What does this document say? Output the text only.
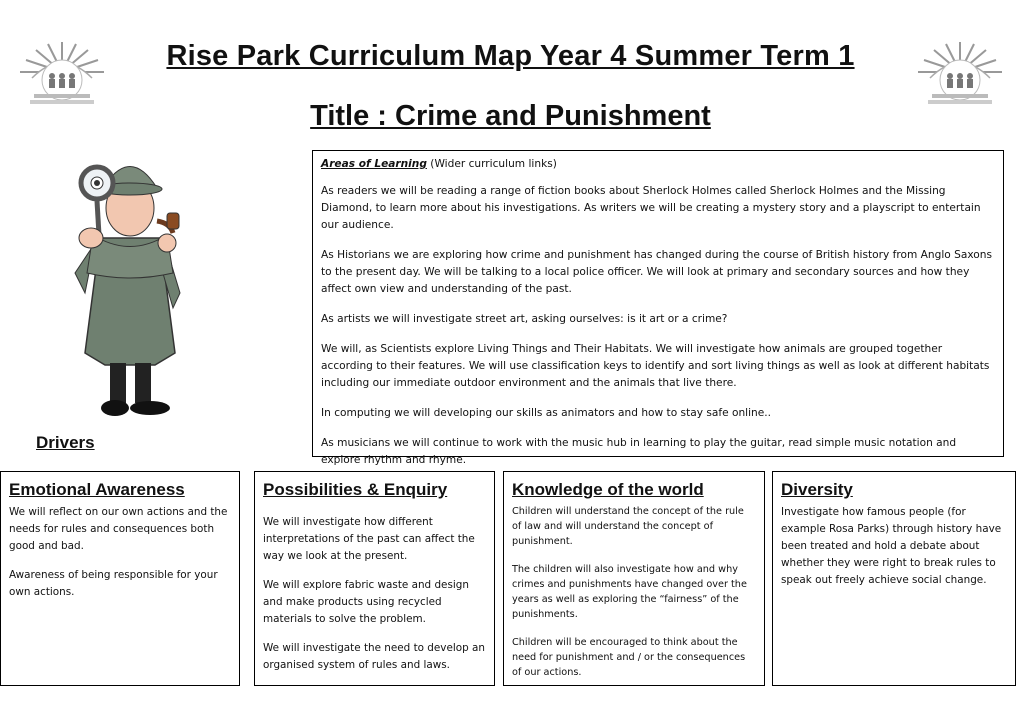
Rise Park Curriculum Map Year 4 Summer Term 1
Title : Crime and Punishment
Drivers

Areas of Learning (Wider curriculum links)

As readers we will be reading a range of fiction books about Sherlock Holmes called Sherlock Holmes and the Missing Diamond, to learn more about his investigations. As writers we will be creating a mystery story and a playscript to entertain our audience.

As Historians we are exploring how crime and punishment has changed during the course of British history from Anglo Saxons to the present day. We will be talking to a local police officer. We will look at primary and secondary sources and how they affect own view and understanding of the past.

As artists we will investigate street art, asking ourselves: is it art or a crime?

We will, as Scientists explore Living Things and Their Habitats. We will investigate how animals are grouped together according to their features. We will use classification keys to identify and sort living things as well as look at different habitats including our immediate outdoor environment and the animals that live there.

In computing we will developing our skills as animators and how to stay safe online..

As musicians we will continue to work with the music hub in learning to play the guitar, read simple music notation and explore rhythm and rhyme.

Emotional Awareness

We will reflect on our own actions and the needs for rules and consequences both good and bad.

Awareness of being responsible for your own actions.

Possibilities & Enquiry

We will investigate how different interpretations of the past can affect the way we look at the present.

We will explore fabric waste and design and make products using recycled materials to solve the problem.

We will investigate the need to develop an organised system of rules and laws.

Knowledge of the world

Children will understand the concept of the rule of law and will understand the concept of punishment.

The children will also investigate how and why crimes and punishments have changed over the years as well as exploring the “fairness” of the punishments.

Children will be encouraged to think about the need for punishment and / or the consequences of our actions.

Diversity

Investigate how famous people (for example Rosa Parks) through history have been treated and hold a debate about whether they were right to break rules to speak out freely achieve social change.
